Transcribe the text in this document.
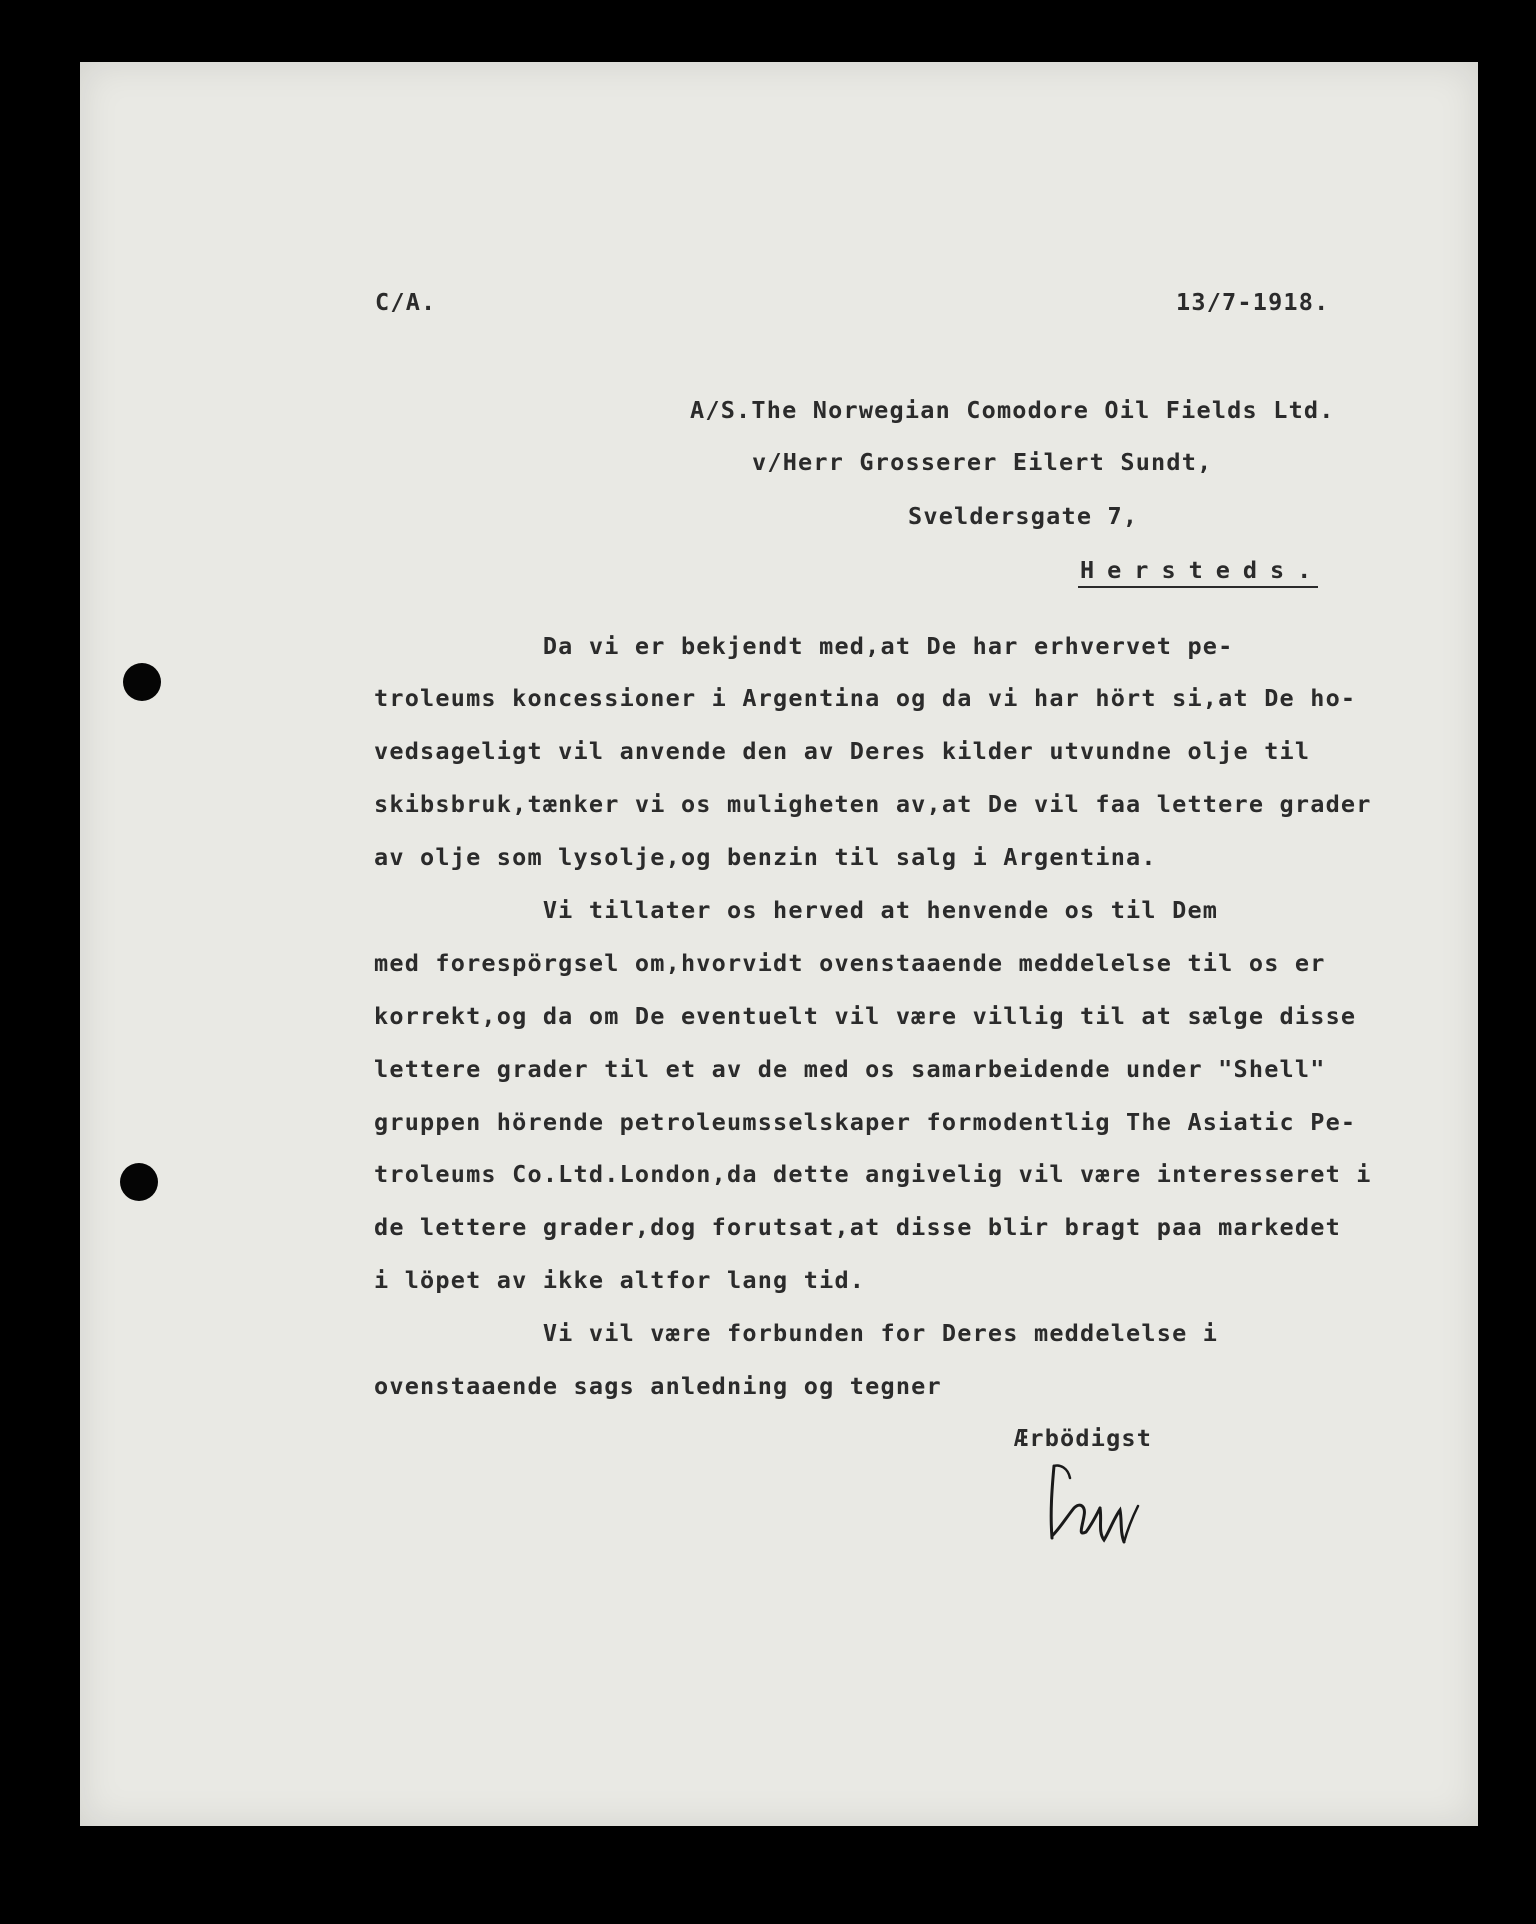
C/A.	13/7-1918.
A/S.The Norwegian Comodore Oil Fields Ltd.
v/Herr Grosserer Eilert Sundt,
Sveldersgate 7,
Hersteds.
Da vi er bekjendt med,at De har erhvervet pe-
troleums koncessioner i Argentina og da vi har hört si,at De ho-
vedsageligt vil anvende den av Deres kilder utvundne olje til
skibsbruk,tænker vi os muligheten av,at De vil faa lettere grader
av olje som lysolje,og benzin til salg i Argentina.
Vi tillater os herved at henvende os til Dem
med forespörgsel om,hvorvidt ovenstaaende meddelelse til os er
korrekt,og da om De eventuelt vil være villig til at sælge disse
lettere grader til et av de med os samarbeidende under "Shell"
gruppen hörende petroleumsselskaper formodentlig The Asiatic Pe-
troleums Co.Ltd.London,da dette angivelig vil være interesseret i
de lettere grader,dog forutsat,at disse blir bragt paa markedet
i löpet av ikke altfor lang tid.
Vi vil være forbunden for Deres meddelelse i
ovenstaaende sags anledning og tegner
Ærbödigst
